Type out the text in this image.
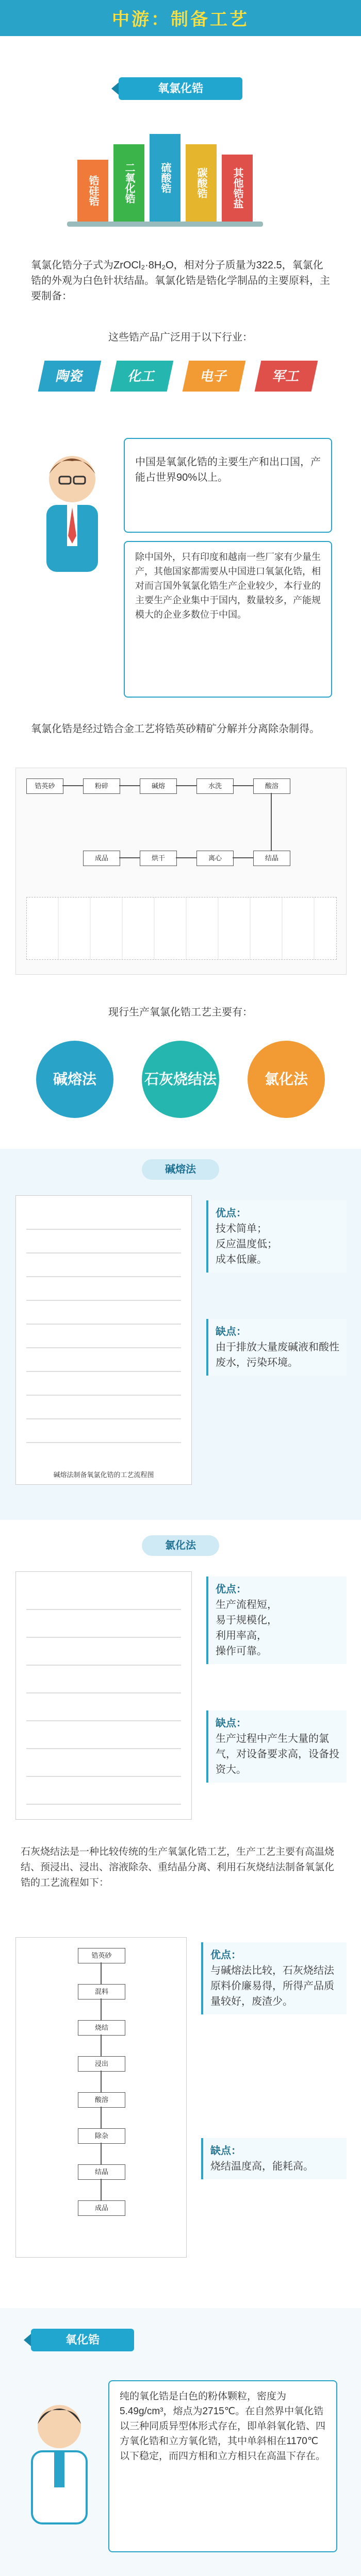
中游：制备工艺
氧氯化锆
锆硅锆	二氧化锆	硫酸锆	碳酸锆	其他锆盐
氧氯化锆分子式为ZrOCl₂·8H₂O，相对分子质量为322.5，氧氯化锆的外观为白色针状结晶。氧氯化锆是锆化学制品的主要原料，主要制备：
这些锆产品广泛用于以下行业：
陶瓷	化工	电子	军工
中国是氧氯化锆的主要生产和出口国，产能占世界90%以上。
除中国外，只有印度和越南一些厂家有少量生产，其他国家都需要从中国进口氧氯化锆，相对而言国外氧氯化锆生产企业较少，本行业的主要生产企业集中于国内，数量较多，产能规模大的企业多数位于中国。
氧氯化锆是经过锆合金工艺将锆英砂精矿分解并分离除杂制得。
锆英砂	粉碎	碱熔	水洗	酸溶
结晶
离心
烘干
成品
现行生产氧氯化锆工艺主要有：
碱熔法	石灰烧结法	氯化法
碱熔法
碱熔法制备氧氯化锆的工艺流程图
优点：
技术简单；
反应温度低；
成本低廉。
缺点：
由于排放大量废碱液和酸性废水，污染环境。
氯化法
优点：
生产流程短，
易于规模化，
利用率高，
操作可靠。
缺点：
生产过程中产生大量的氯气，对设备要求高，设备投资大。
石灰烧结法是一种比较传统的生产氧氯化锆工艺，生产工艺主要有高温烧结、预浸出、浸出、溶液除杂、重结晶分离、利用石灰烧结法制备氧氯化锆的工艺流程如下：
锆英砂
混料
烧结
浸出
酸溶
除杂
结晶
成品
优点：
与碱熔法比较，石灰烧结法原料价廉易得，所得产品质量较好，废渣少。
缺点：
烧结温度高，能耗高。
氧化锆
纯的氧化锆是白色的粉体颗粒，密度为5.49g/cm³，熔点为2715℃。在自然界中氧化锆以三种同质异型体形式存在，即单斜氧化锆、四方氧化锆和立方氧化锆，其中单斜相在1170℃以下稳定，而四方相和立方相只在高温下存在。
